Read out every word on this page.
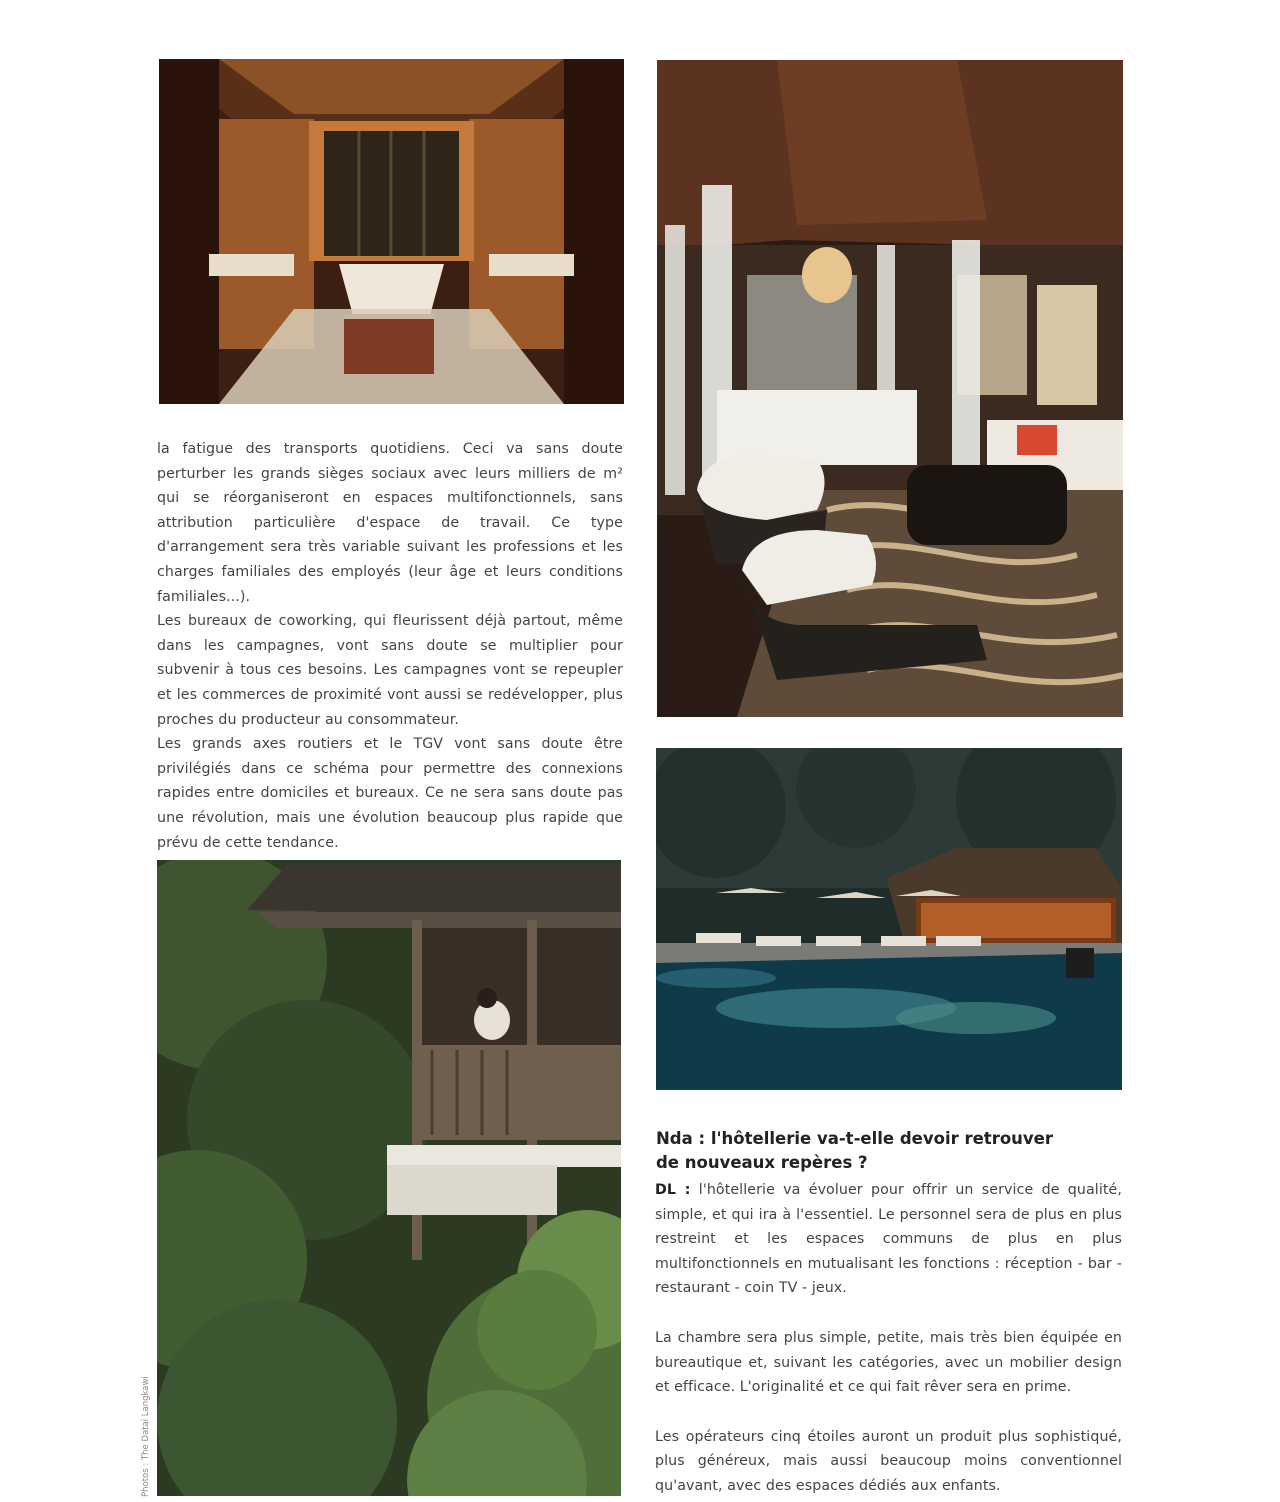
la fatigue des transports quotidiens. Ceci va sans doute perturber les grands sièges sociaux avec leurs milliers de m² qui se réorganiseront en espaces multifonctionnels, sans attribution particulière d'espace de travail. Ce type d'arrangement sera très variable suivant les professions et les charges familiales des employés (leur âge et leurs conditions familiales...).

Les bureaux de coworking, qui fleurissent déjà partout, même dans les campagnes, vont sans doute se multiplier pour subvenir à tous ces besoins. Les campagnes vont se repeupler et les commerces de proximité vont aussi se redévelopper, plus proches du producteur au consommateur.

Les grands axes routiers et le TGV vont sans doute être privilégiés dans ce schéma pour permettre des connexions rapides entre domiciles et bureaux. Ce ne sera sans doute pas une révolution, mais une évolution beaucoup plus rapide que prévu de cette tendance.

Nda : l'hôtellerie va-t-elle devoir retrouver de nouveaux repères ?

DL : l'hôtellerie va évoluer pour offrir un service de qualité, simple, et qui ira à l'essentiel. Le personnel sera de plus en plus restreint et les espaces communs de plus en plus multifonctionnels en mutualisant les fonctions : réception - bar - restaurant - coin TV - jeux.

La chambre sera plus simple, petite, mais très bien équipée en bureautique et, suivant les catégories, avec un mobilier design et efficace. L'originalité et ce qui fait rêver sera en prime.

Les opérateurs cinq étoiles auront un produit plus sophistiqué, plus généreux, mais aussi beaucoup moins conventionnel qu'avant, avec des espaces dédiés aux enfants.

Photos : The Datai Langkawi
